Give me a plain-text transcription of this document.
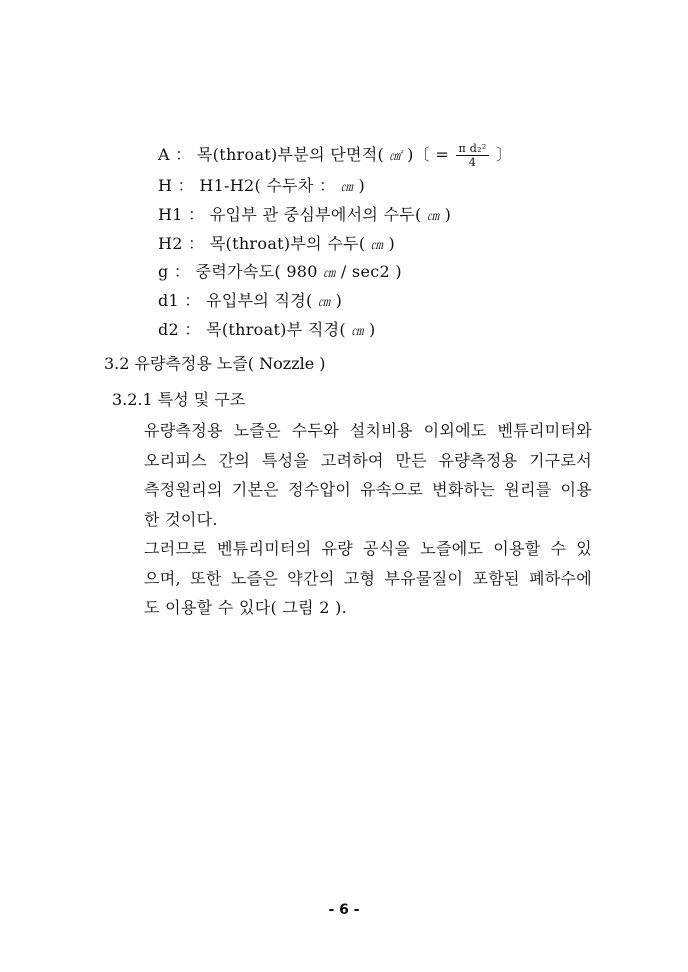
A ： 목(throat)부분의 단면적( ㎠ )〔 = $\frac{\text{π d₂²}}{4}$ 〕
H ： H1-H2( 수두차 ： ㎝ )
H1 ： 유입부 관 중심부에서의 수두( ㎝ )
H2 ： 목(throat)부의 수두( ㎝ )
g ： 중력가속도( 980 ㎝ / sec2 )
d1 ： 유입부의 직경( ㎝ )
d2 ： 목(throat)부 직경( ㎝ )
3.2 유량측정용 노즐( Nozzle )
3.2.1 특성 및 구조
유량측정용 노즐은 수두와 설치비용 이외에도 벤튜리미터와
오리피스 간의 특성을 고려하여 만든 유량측정용 기구로서
측정원리의 기본은 정수압이 유속으로 변화하는 원리를 이용
한 것이다.
그러므로 벤튜리미터의 유량 공식을 노즐에도 이용할 수 있
으며, 또한 노즐은 약간의 고형 부유물질이 포함된 폐하수에
도 이용할 수 있다( 그림 2 ).
- 6 -
